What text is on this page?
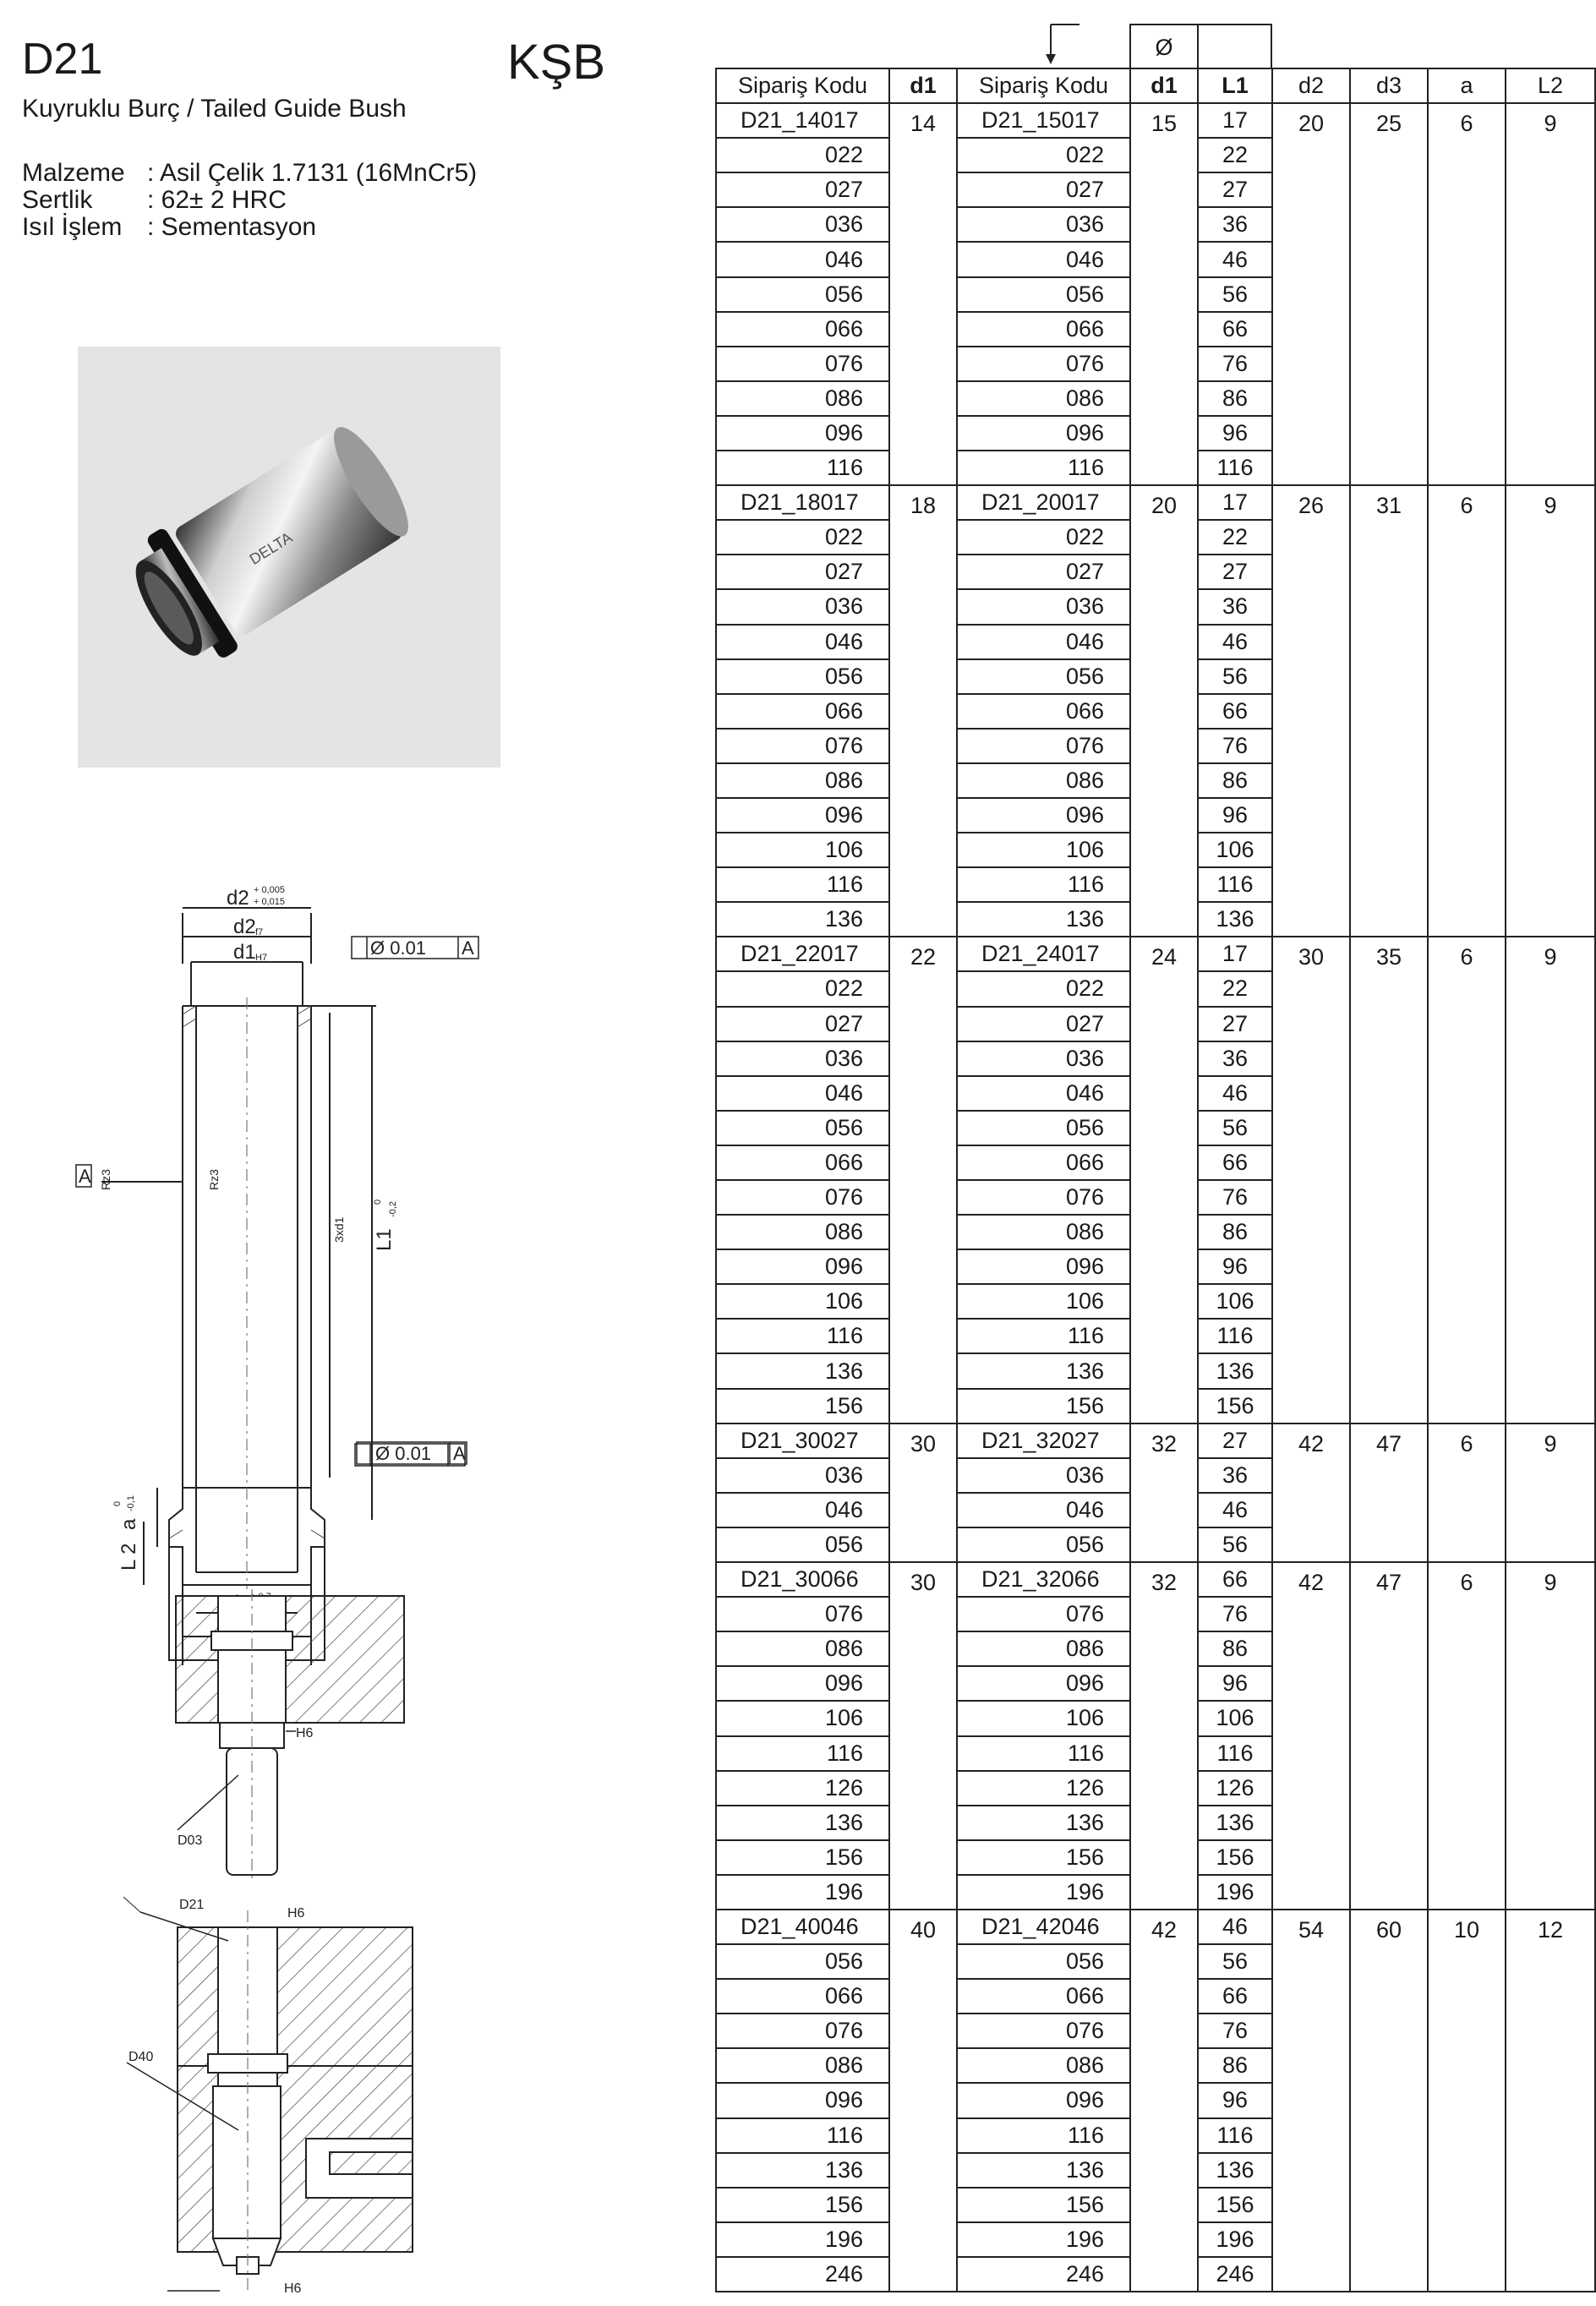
D21	KŞB
Kuyruklu Burç / Tailed Guide Bush
Malzeme : Asil Çelik 1.7131 (16MnCr5)
Sertlik : 62± 2 HRC
Isıl İşlem : Sementasyon
DELTA
d2 + 0,005
+ 0,015
d2 f7
d1 H7
Rz3
Rz3
3xd1 L1
0 -0,2
a
0 -0,1
L 2
Ø 0.01 A
A
Ø 0.01 A
H6
D03
H6
D21
D40
H6
Ø
Sipariş Kodu	d1	Sipariş Kodu	d1	L1	d2	d3	a	L2
D21_14017	14	D21_15017	15	17	20	25	6	9
022		022		22				
027		027		27				
036		036		36				
046		046		46				
056		056		56				
066		066		66				
076		076		76				
086		086		86				
096		096		96				
116		116		116				
D21_18017	18	D21_20017	20	17	26	31	6	9
022		022		22				
027		027		27				
036		036		36				
046		046		46				
056		056		56				
066		066		66				
076		076		76				
086		086		86				
096		096		96				
106		106		106				
116		116		116				
136		136		136				
D21_22017	22	D21_24017	24	17	30	35	6	9
022		022		22				
027		027		27				
036		036		36				
046		046		46				
056		056		56				
066		066		66				
076		076		76				
086		086		86				
096		096		96				
106		106		106				
116		116		116				
136		136		136				
156		156		156				
D21_30027	30	D21_32027	32	27	42	47	6	9
036		036		36				
046		046		46				
056		056		56				
D21_30066	30	D21_32066	32	66	42	47	6	9
076		076		76				
086		086		86				
096		096		96				
106		106		106				
116		116		116				
126		126		126				
136		136		136				
156		156		156				
196		196		196				
D21_40046	40	D21_42046	42	46	54	60	10	12
056		056		56				
066		066		66				
076		076		76				
086		086		86				
096		096		96				
116		116		116				
136		136		136				
156		156		156				
196		196		196				
246		246		246				
